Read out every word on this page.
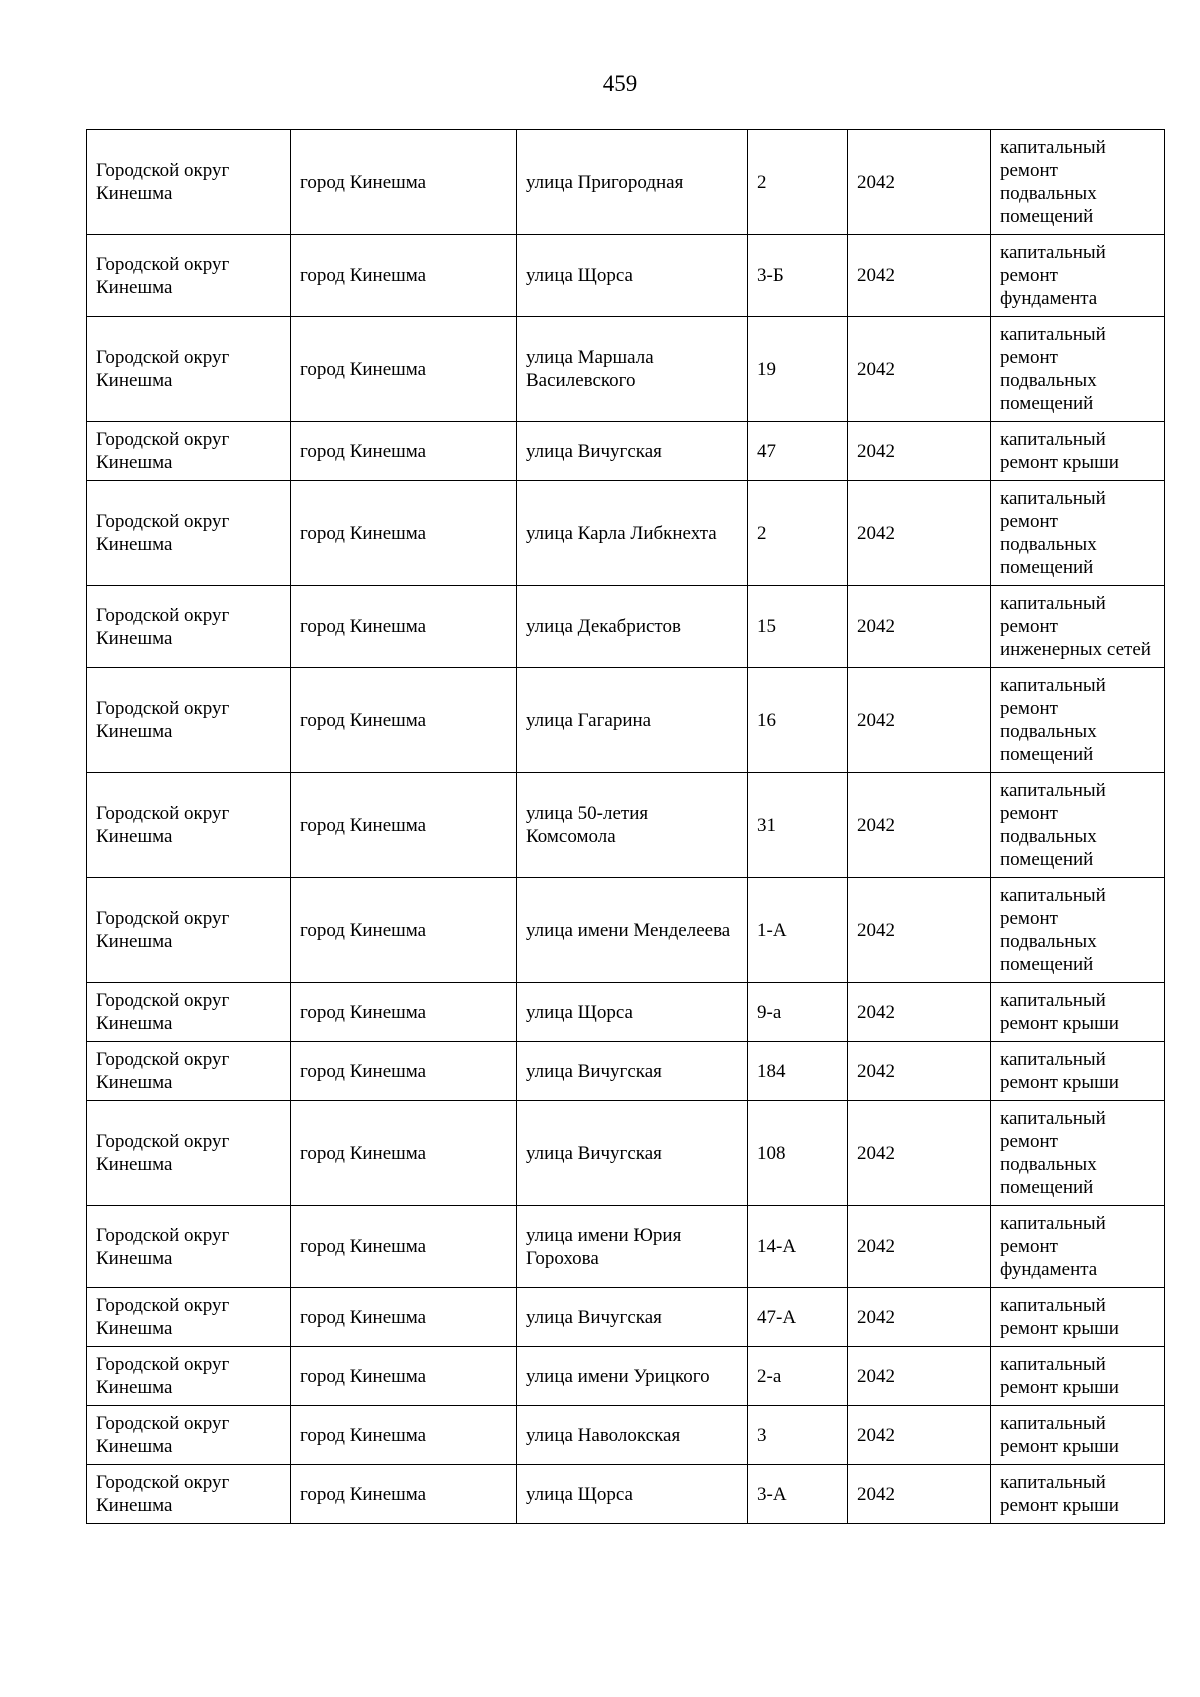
459
Городской округ Кинешма	город Кинешма	улица Пригородная	2	2042	капитальный ремонт подвальных помещений
Городской округ Кинешма	город Кинешма	улица Щорса	3-Б	2042	капитальный ремонт фундамента
Городской округ Кинешма	город Кинешма	улица Маршала Василевского	19	2042	капитальный ремонт подвальных помещений
Городской округ Кинешма	город Кинешма	улица Вичугская	47	2042	капитальный ремонт крыши
Городской округ Кинешма	город Кинешма	улица Карла Либкнехта	2	2042	капитальный ремонт подвальных помещений
Городской округ Кинешма	город Кинешма	улица Декабристов	15	2042	капитальный ремонт инженерных сетей
Городской округ Кинешма	город Кинешма	улица Гагарина	16	2042	капитальный ремонт подвальных помещений
Городской округ Кинешма	город Кинешма	улица 50-летия Комсомола	31	2042	капитальный ремонт подвальных помещений
Городской округ Кинешма	город Кинешма	улица имени Менделеева	1-А	2042	капитальный ремонт подвальных помещений
Городской округ Кинешма	город Кинешма	улица Щорса	9-а	2042	капитальный ремонт крыши
Городской округ Кинешма	город Кинешма	улица Вичугская	184	2042	капитальный ремонт крыши
Городской округ Кинешма	город Кинешма	улица Вичугская	108	2042	капитальный ремонт подвальных помещений
Городской округ Кинешма	город Кинешма	улица имени Юрия Горохова	14-А	2042	капитальный ремонт фундамента
Городской округ Кинешма	город Кинешма	улица Вичугская	47-А	2042	капитальный ремонт крыши
Городской округ Кинешма	город Кинешма	улица имени Урицкого	2-а	2042	капитальный ремонт крыши
Городской округ Кинешма	город Кинешма	улица Наволокская	3	2042	капитальный ремонт крыши
Городской округ Кинешма	город Кинешма	улица Щорса	3-А	2042	капитальный ремонт крыши
